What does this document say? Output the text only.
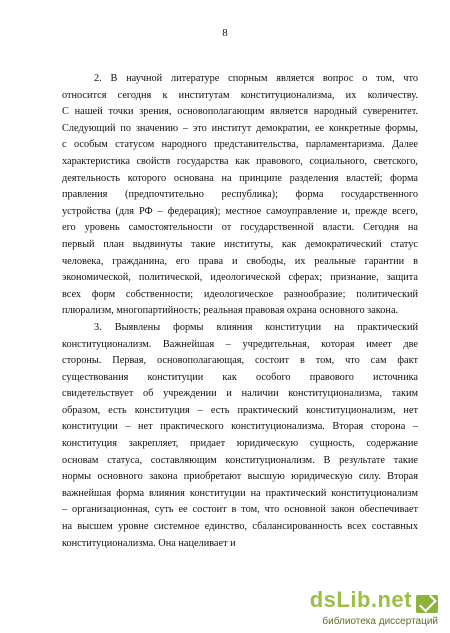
8
2. В научной литературе спорным является вопрос о том, что
относится сегодня к институтам конституционализма, их количеству.
С нашей точки зрения, основополагающим является народный суверенитет.
Следующий по значению – это институт демократии, ее конкретные формы,
с особым статусом народного представительства, парламентаризма. Далее
характеристика свойств государства как правового, социального, светского,
деятельность которого основана на принципе разделения властей; форма
правления (предпочтительно республика); форма государственного
устройства (для РФ – федерация); местное самоуправление и, прежде всего,
его уровень самостоятельности от государственной власти. Сегодня на
первый план выдвинуты такие институты, как демократический статус
человека, гражданина, его права и свободы, их реальные гарантии в
экономической, политической, идеологической сферах; признание, защита
всех форм собственности; идеологическое разнообразие; политический
плюрализм, многопартийность; реальная правовая охрана основного закона.
3. Выявлены формы влияния конституции на практический
конституционализм. Важнейшая – учредительная, которая имеет две
стороны. Первая, основополагающая, состоит в том, что сам факт
существования конституции как особого правового источника
свидетельствует об учреждении и наличии конституционализма, таким
образом, есть конституция – есть практический конституционализм, нет
конституции – нет практического конституционализма. Вторая сторона –
конституция закрепляет, придает юридическую сущность, содержание
основам статуса, составляющим конституционализм. В результате такие
нормы основного закона приобретают высшую юридическую силу. Вторая
важнейшая форма влияния конституции на практический конституционализм
– организационная, суть ее состоит в том, что основной закон обеспечивает
на высшем уровне системное единство, сбалансированность всех составных
конституционализма. Она нацеливает и
dsLib.net
библиотека диссертаций
